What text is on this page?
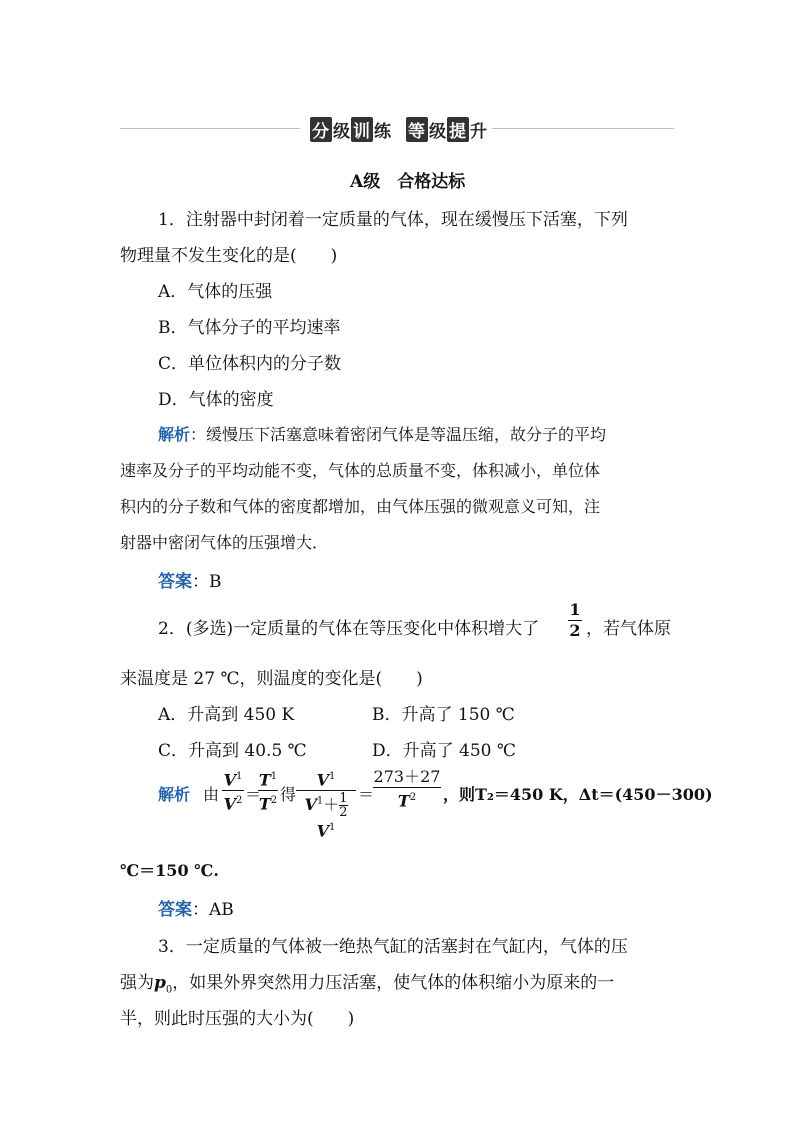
分 级 训 练 等 级 提 升
A级　合格达标
1．注射器中封闭着一定质量的气体，现在缓慢压下活塞，下列
物理量不发生变化的是(　　)
A．气体的压强
B．气体分子的平均速率
C．单位体积内的分子数
D．气体的密度
解析：缓慢压下活塞意味着密闭气体是等温压缩，故分子的平均
速率及分子的平均动能不变，气体的总质量不变，体积减小，单位体
积内的分子数和气体的密度都增加，由气体压强的微观意义可知，注
射器中密闭气体的压强增大．
答案：B
2．(多选)一定质量的气体在等压变化中体积增大了
1
2 ，若气体原
来温度是 27 ℃，则温度的变化是(　　)
A．升高到 450 K	B．升高了 150 ℃
C．升高到 40.5 ℃	D．升高了 450 ℃
解析 由
$V^1$
$V^2$ ＝
$T^1$
$T^2$ 得
$V^1$
$V^1+ \frac{1}{2}$
$V^1$
＝
273＋27
$T^2$	，则T₂＝450 K，Δt＝(450－300)
℃＝150 ℃.
答案：AB
3．一定质量的气体被一绝热气缸的活塞封在气缸内，气体的压
强为$p_0$，如果外界突然用力压活塞，使气体的体积缩小为原来的一
半，则此时压强的大小为(　　)
